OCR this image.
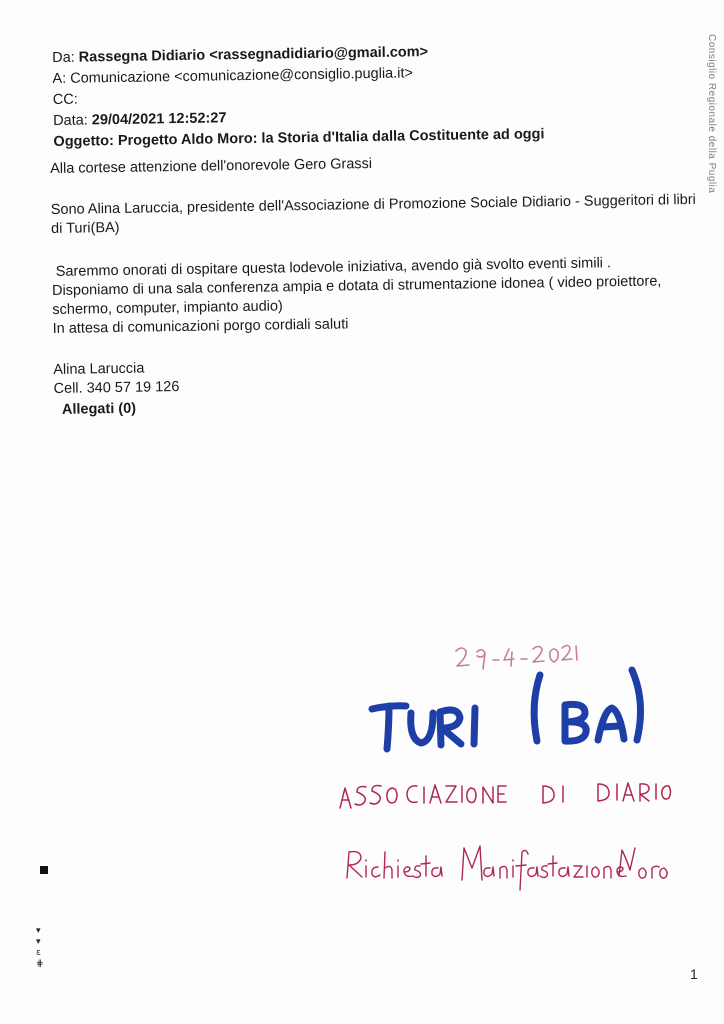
Da: Rassegna Didiario <rassegnadidiario@gmail.com>
A: Comunicazione <comunicazione@consiglio.puglia.it>
CC:
Data: 29/04/2021 12:52:27
Oggetto: Progetto Aldo Moro: la Storia d'Italia dalla Costituente ad oggi

Alla cortese attenzione dell'onorevole Gero Grassi

Sono Alina Laruccia, presidente dell'Associazione di Promozione Sociale Didiario - Suggeritori di libri di Turi(BA)

Saremmo onorati di ospitare questa lodevole iniziativa, avendo già svolto eventi simili .

Disponiamo di una sala conferenza ampia e dotata di strumentazione idonea ( video proiettore, schermo, computer, impianto audio)

In attesa di comunicazioni porgo cordiali saluti

Alina Laruccia

Cell. 340 57 19 126

Allegati (0)

Consiglio Regionale della Puglia
▾
▾
ε
⋕
1
